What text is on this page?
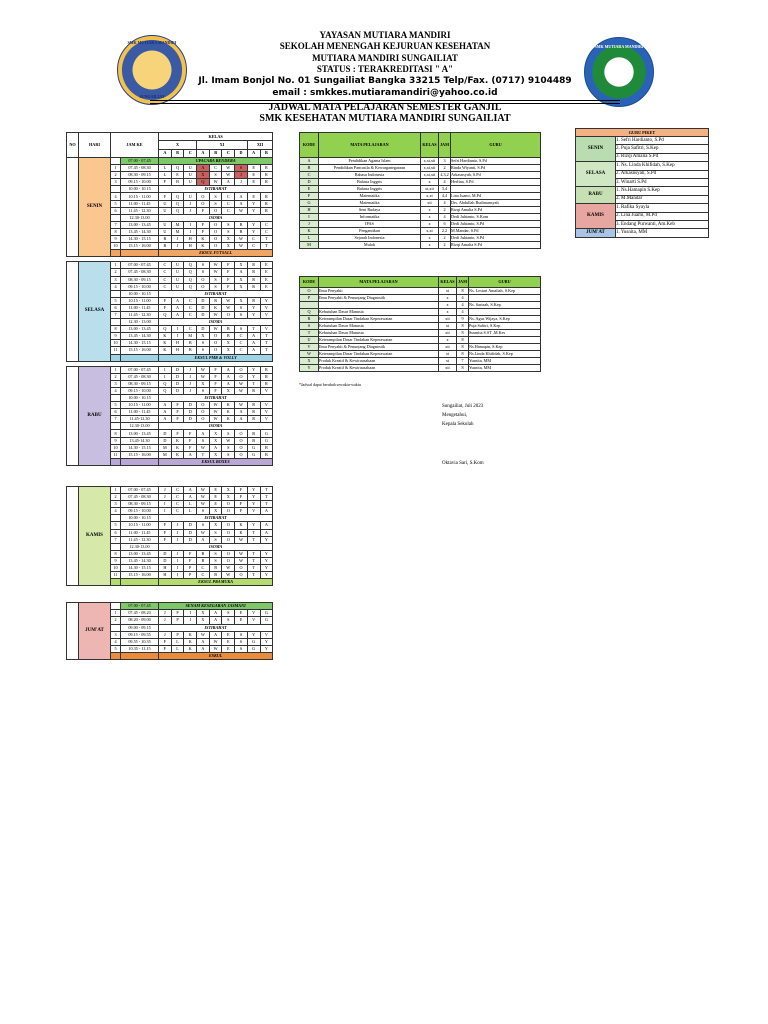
SMK MUTIARA MANDIRI
SUNGAILIAT
SMK MUTIARA MANDIRI
YAYASAN MUTIARA MANDIRI
SEKOLAH MENENGAH KEJURUAN KESEHATAN
MUTIARA MANDIRI SUNGAILIAT
STATUS : TERAKREDITASI " A"
Jl. Imam Bonjol No. 01 Sungailiat Bangka 33215 Telp/Fax. (0717) 9104489
email : smkkes.mutiaramandiri@yahoo.co.id
JADWAL MATA PELAJARAN SEMESTER GANJIL
SMK KESEHATAN MUTIARA MANDIRI SUNGAILIAT
NO	HARI	JAM KE		KELAS								
				X			XI				XII	
				A	B	C	A	B	C	D	A	B
	SENIN		07.00 - 07.45	UPACARA BENDERA								
		1	07.45 - 08.30	L	Q	U	A	C	W	S	E	R
		2	08.30 - 09.15	L	E	U	X	S	W	J	E	R
		3	09.15 - 10.00	F	B	U	Q	W	A	J	E	R
			10.00 - 10.15	ISTIRAHAT								
		4	10.15 - 11.00	F	Q	U	O	S	C	A	E	R
		5	11.00 - 11.45	U	Q	J	O	S	C	A	Y	R
		6	11.45 - 12.30	U	Q	J	F	O	C	W	Y	R
			12.30-13.00	ISOMA								
		7	13.00 - 13.45	U	M	I	F	O	S	B	Y	C
		8	13.45 - 14.30	U	M	I	F	O	S	B	Y	C
		9	14.30 - 15.15	B	J	H	K	O	X	W	C	T
		10	15.15 - 16.00	B	J	H	K	O	X	W	C	T
				EKSUL FUTSALL								

	SELASA	1	07.00 - 07.45	C	U	Q	S	W	F	X	R	E
		2	07.45 - 08.30	C	U	Q	S	W	F	A	R	E
		3	08.30 - 09.15	C	U	Q	O	S	F	X	R	E
		4	09.15 - 10.00	C	U	Q	O	S	F	X	R	E
			10.00 - 10.15	ISTIRAHAT								
		5	10.15 - 11.00	F	A	C	D	R	W	X	R	Y
		6	11.00 - 11.45	F	A	C	D	K	W	S	Y	V
		7	11.45 - 12.30	Q	A	C	D	W	O	S	Y	V
			12.30 - 13.00	ISOMA								
		8	13.00 - 13.45	Q	I	C	D	W	B	S	T	V
		9	13.45 - 14.30	K	I	M	X	O	B	C	A	T
		10	14.30 - 15.15	K	H	B	S	O	X	C	A	T
		11	15.15 - 16.00	K	H	B	S	O	X	C	A	T
				EKSUL PMR & VOLLY								

	RABU	1	07.00 - 07.45	I	D	J	W	F	A	O	Y	R
		2	07.45 - 08.30	I	D	J	W	F	A	O	Y	R
		3	08.30 - 09.15	Q	D	J	X	F	A	W	T	R
		4	09.15 - 10.00	Q	D	J	S	F	X	W	R	V
			10.00 - 10.15	ISTIRAHAT								
		5	10.15 - 11.00	A	F	D	O	W	K	W	R	V
		6	11.00 - 11.45	A	F	D	O	W	K	A	R	V
		7	11.45-12.30	A	F	D	O	W	K	A	R	V
			12.30-13.00	ISOMA								
		8	13.00 - 13.45	D	F	F	A	X	S	O	B	G
		9	13.45-14.30	D	K	F	S	X	W	O	B	G
		10	14.30 - 15.15	M	K	F	W	A	S	O	G	B
		11	15.15 - 16.00	M	K	A	T	X	S	O	G	B
				EKSUL BOXES								

	KAMIS	1	07.00 - 07.45	J	C	A	W	E	X	F	Y	T
		2	07.45 - 08.30	J	C	A	W	E	X	F	Y	T
		3	08.30 - 09.15	I	C	L	W	E	O	F	Y	T
		4	09.15 - 10.00	I	C	L	S	X	O	F	V	A
			10.00 - 10.15	ISTIRAHAT								
		5	10.15 - 11.00	F	J	D	S	X	O	K	Y	A
		6	11.00 - 11.45	F	J	D	W	S	O	K	T	A
		7	11.45 - 12.30	F	J	D	A	S	O	W	T	Y
			12.30-13.00	ISOMA								
		8	13.00 - 13.45	D	J	F	B	S	O	W	T	Y
		9	13.45 - 14.30	D	I	F	B	S	O	W	T	Y
		10	14.30 - 15.15	H	I	P	C	B	W	O	T	Y
		11	15.15 - 16.00	H	I	P	C	B	W	O	T	Y
				EKSUL PRAMUKA								

	JUM'AT		07.00 - 07.45	SENAM KESEGARAN JASMANI								
		1	07.45 - 08.20	J	P	I	X	A	S	E	V	G
		2	08.20 - 09.00	J	P	I	X	A	S	E	V	G
			09.00 - 09.15	ISTIRAHAT								
		3	09.15 - 09.55	J	P	K	W	A	E	S	Y	V
		4	09.55 - 10.35	F	L	K	A	W	E	S	G	Y
		5	10.35 - 11.15	F	L	K	A	W	E	S	G	Y
				ESKUL								
KODE	MATA PELAJARAN	KELAS	JAM	GURU
A	Pendidikan Agama Islam	x,xi,xii	3	Sefri Hardianto, S.Pd
B	Pendidikan Pancasila & Kewarganegaraan	x,xi,xii	2	Rinda Wiyanti, S.Pd
C	Bahasa Indonesia	x,xi,xii	4,3,2	Arkasnsyah, S.Pd
D	Bahasa Inggris	x	4	Herlina, S.Pd
E	Bahasa Inggris	xi,xii	3,4	
F	Matematika	x,xi	4,4	Lina Juami, M.Pd
G	Matematika	xii	4	Drs. Abdullah Budimansyah
H	Seni Budaya	x	2	Rizqi Amalia S.Pd
I	Informatika	x	4	Dedi Juhianto, S.Kom
J	IPAS	x	6	Dedi Juhianto, S.Pd
K	Pengantikan	x,xi	2,2	M.Mandar, S.Pd
L	Sejarah Indonesia	x	2	Dedi Juhianto, S.Pd
M	Mulok	x	2	Rizqi Amalia S.Pd
KODE	MATA PELAJARAN	KELAS	JAM	GURU
O	Ilmu Penyakit	xi	8	Ns. Lestari Amaliah, S.Kep
P	Ilmu Penyakit & Penunjang Diagnostik	x	4	
		x	4	Ns. Sarizah, S.Kep
Q	Kebutuhan Dasar Manusia	x	4	
R	Keterampilan Dasar Tindakan Keperawatan	xii	9	Ns. Agus Wijaya, S.Kep
S	Kebutuhan Dasar Manusia	xi	8	Puja Safitri, S.Kep
T	Kebutuhan Dasar Manusia	xii	8	Susmita S.ST ,M.Kes
U	Keterampilan Dasar Tindakan Keperawatan	x	8	
V	Ilmu Penyakit & Penunjang Diagnostik	xii	8	Ns.Hamapin, S.Kep
W	Keterampilan Dasar Tindakan Keperawatan	xi	8	Ns.Linda Khifidah, S.Kep
X	Produk Kreatif & Kewirausahaan	xi	7	Yusnita, MM
Y	Produk Kreatif & Kewirausahaan	xii	8	Yusnita, MM
*Jadwal dapat berubah sewaktu-waktu
GURU PIKET	
SENIN	1. Sefri Hardianto, S.Pd
	2. Puja Safitri, S.Kep
	3. Rizqi Amalia S.Pd
SELASA	1. Ns. Linda Khifidah, S.Kep
	2. Arkasnsyah, S.Pd
	3. Winarti S.Pd
RABU	1. Ns.Hamapin S.Kep
	2. M.Mandar
KAMIS	1. Rafika Syayla
	2. Lina Juami, M.Pd
	3. Endang Purwanti, Am.Keb
JUM'AT	1. Yusnita, MM
Sungailiat, Juli 2023
Mengetahui,
Kepala Sekolah
Oktavia Sari, S.Kom
